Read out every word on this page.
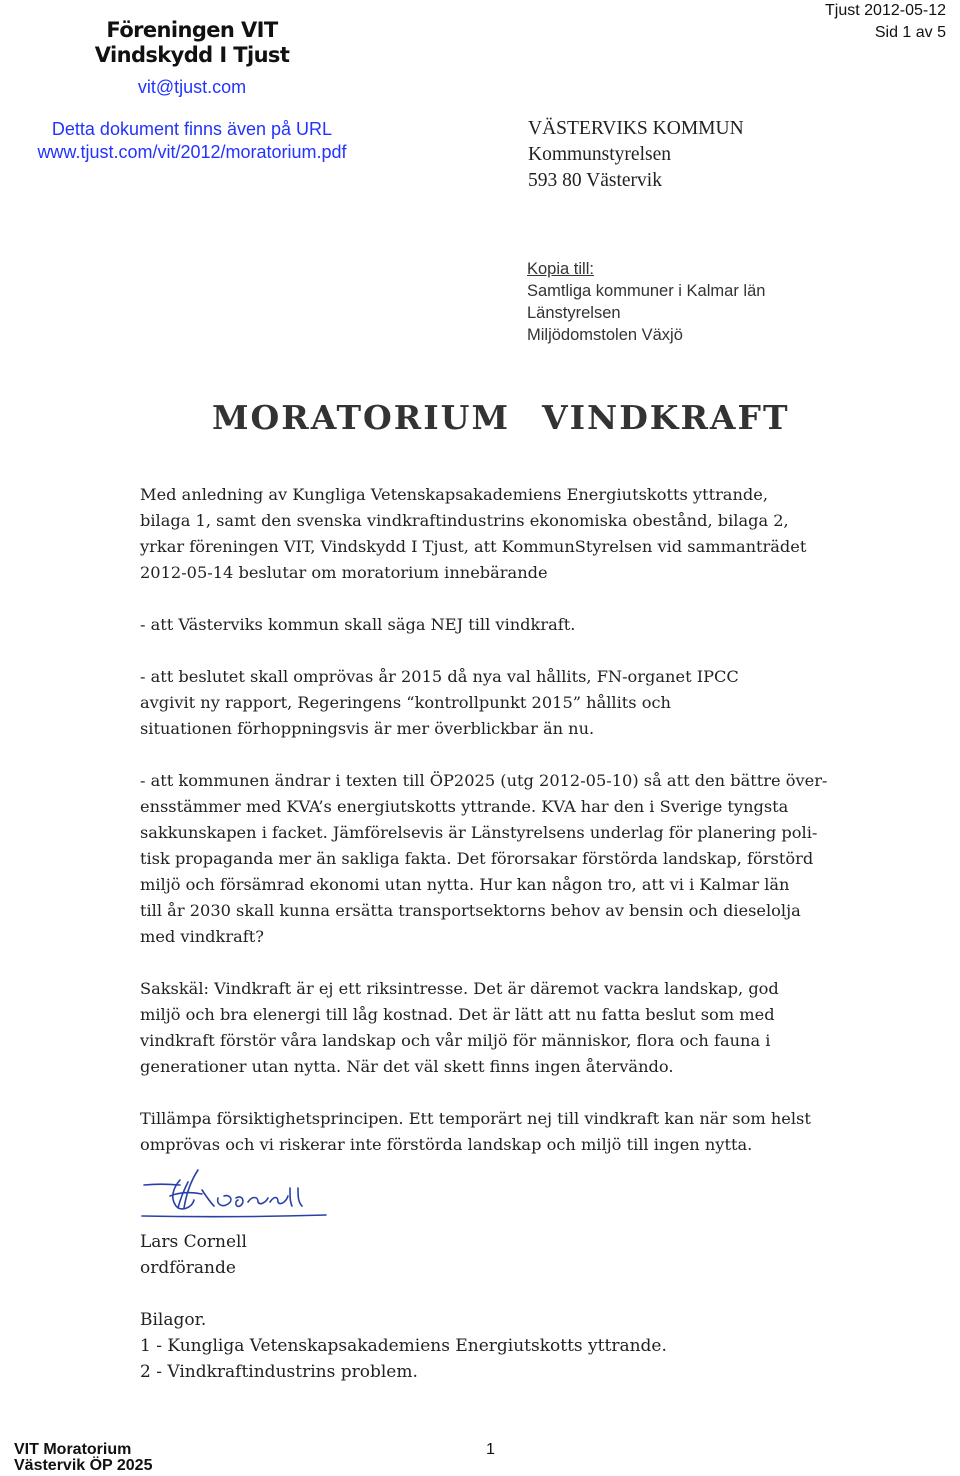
Föreningen VIT
Vindskydd I Tjust
vit@tjust.com
Detta dokument finns även på URL
www.tjust.com/vit/2012/moratorium.pdf
Tjust 2012-05-12
Sid 1 av 5
VÄSTERVIKS KOMMUN
Kommunstyrelsen
593 80 Västervik
Kopia till:
Samtliga kommuner i Kalmar län
Länstyrelsen
Miljödomstolen Växjö
MORATORIUM VINDKRAFT

Med anledning av Kungliga Vetenskapsakademiens Energiutskotts yttrande,

bilaga 1, samt den svenska vindkraftindustrins ekonomiska obestånd, bilaga 2,

yrkar föreningen VIT, Vindskydd I Tjust, att KommunStyrelsen vid sammanträdet

2012-05-14 beslutar om moratorium innebärande

- att Västerviks kommun skall säga NEJ till vindkraft.

- att beslutet skall omprövas år 2015 då nya val hållits, FN-organet IPCC

avgivit ny rapport, Regeringens “kontrollpunkt 2015” hållits och

situationen förhoppningsvis är mer överblickbar än nu.

- att kommunen ändrar i texten till ÖP2025 (utg 2012-05-10) så att den bättre över-

ensstämmer med KVA’s energiutskotts yttrande. KVA har den i Sverige tyngsta

sakkunskapen i facket. Jämförelsevis är Länstyrelsens underlag för planering poli-

tisk propaganda mer än sakliga fakta. Det förorsakar förstörda landskap, förstörd

miljö och försämrad ekonomi utan nytta. Hur kan någon tro, att vi i Kalmar län

till år 2030 skall kunna ersätta transportsektorns behov av bensin och dieselolja

med vindkraft?

Sakskäl: Vindkraft är ej ett riksintresse. Det är däremot vackra landskap, god

miljö och bra elenergi till låg kostnad. Det är lätt att nu fatta beslut som med

vindkraft förstör våra landskap och vår miljö för människor, flora och fauna i

generationer utan nytta. När det väl skett finns ingen återvändo.

Tillämpa försiktighetsprincipen. Ett temporärt nej till vindkraft kan när som helst

omprövas och vi riskerar inte förstörda landskap och miljö till ingen nytta.

Lars Cornell
ordförande
Bilagor.
1 - Kungliga Vetenskapsakademiens Energiutskotts yttrande.
2 - Vindkraftindustrins problem.
VIT Moratorium
Västervik ÖP 2025
1
